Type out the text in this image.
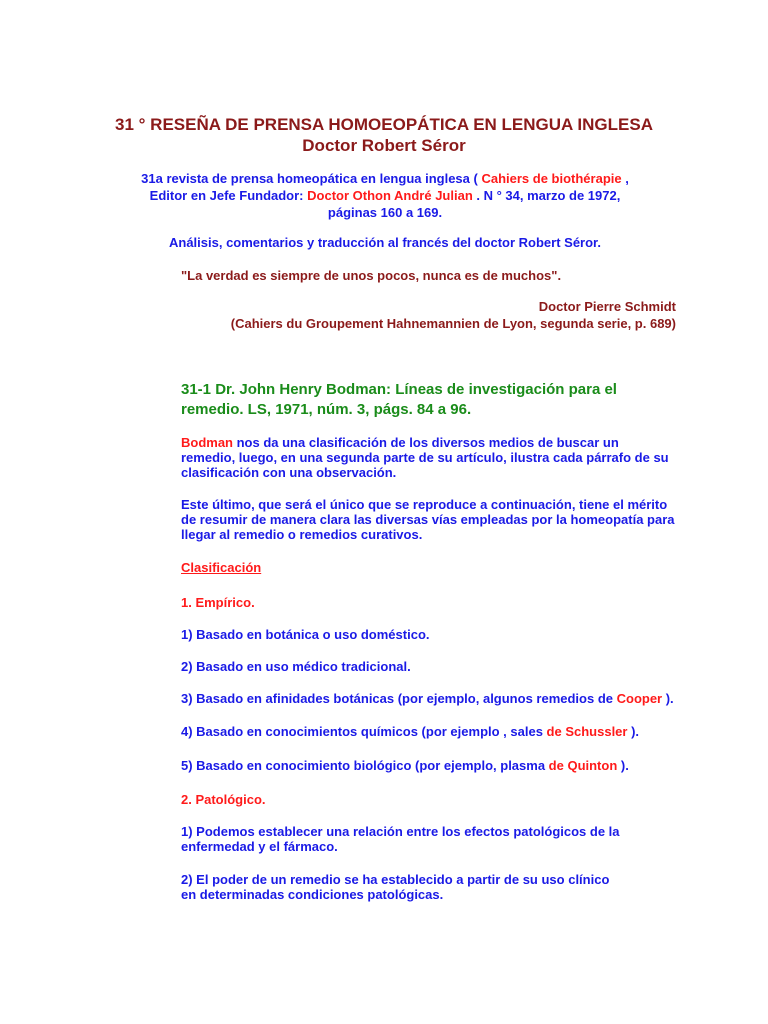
31 ° RESEÑA DE PRENSA HOMOEOPÁTICA EN LENGUA INGLESA
Doctor Robert Séror
31a revista de prensa homeopática en lengua inglesa ( Cahiers de biothérapie ,
Editor en Jefe Fundador: Doctor Othon André Julian . N ° 34, marzo de 1972,
páginas 160 a 169.
Análisis, comentarios y traducción al francés del doctor Robert Séror.
"La verdad es siempre de unos pocos, nunca es de muchos".
Doctor Pierre Schmidt
(Cahiers du Groupement Hahnemannien de Lyon, segunda serie, p. 689)
31-1 Dr. John Henry Bodman: Líneas de investigación para el
remedio. LS, 1971, núm. 3, págs. 84 a 96.
Bodman nos da una clasificación de los diversos medios de buscar un remedio, luego, en una segunda parte de su artículo, ilustra cada párrafo de su clasificación con una observación.
Este último, que será el único que se reproduce a continuación, tiene el mérito de resumir de manera clara las diversas vías empleadas por la homeopatía para llegar al remedio o remedios curativos.
Clasificación
1. Empírico.
1) Basado en botánica o uso doméstico.
2) Basado en uso médico tradicional.
3) Basado en afinidades botánicas (por ejemplo, algunos remedios de Cooper ).
4) Basado en conocimientos químicos (por ejemplo , sales de Schussler ).
5) Basado en conocimiento biológico (por ejemplo, plasma de Quinton ).
2. Patológico.
1) Podemos establecer una relación entre los efectos patológicos de la enfermedad y el fármaco.
2) El poder de un remedio se ha establecido a partir de su uso clínico en determinadas condiciones patológicas.
